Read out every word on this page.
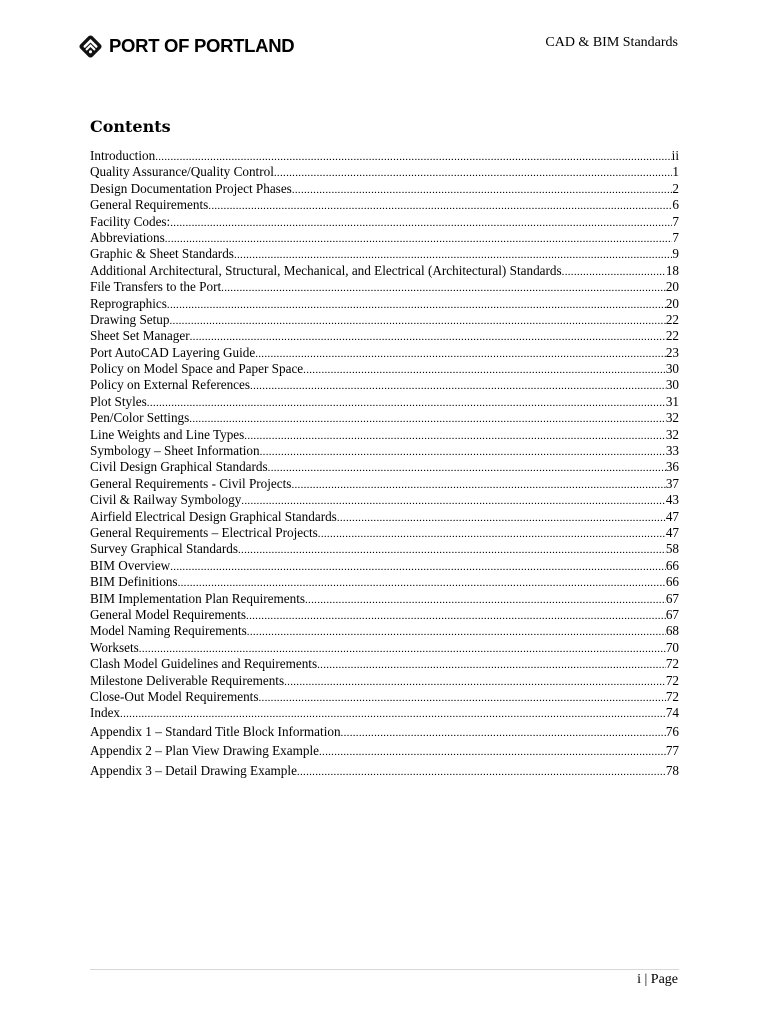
PORT OF PORTLAND	CAD & BIM Standards
Contents
Introduction .....	ii
Quality Assurance/Quality Control .....	1
Design Documentation Project Phases .....	2
General Requirements .....	6
Facility Codes: .....	7
Abbreviations .....	7
Graphic & Sheet Standards .....	9
Additional Architectural, Structural, Mechanical, and Electrical (Architectural) Standards .....	18
File Transfers to the Port .....	20
Reprographics .....	20
Drawing Setup .....	22
Sheet Set Manager .....	22
Port AutoCAD Layering Guide .....	23
Policy on Model Space and Paper Space .....	30
Policy on External References .....	30
Plot Styles .....	31
Pen/Color Settings .....	32
Line Weights and Line Types .....	32
Symbology – Sheet Information .....	33
Civil Design Graphical Standards .....	36
General Requirements - Civil Projects .....	37
Civil & Railway Symbology .....	43
Airfield Electrical Design Graphical Standards .....	47
General Requirements – Electrical Projects .....	47
Survey Graphical Standards .....	58
BIM Overview .....	66
BIM Definitions .....	66
BIM Implementation Plan Requirements .....	67
General Model Requirements .....	67
Model Naming Requirements .....	68
Worksets .....	70
Clash Model Guidelines and Requirements .....	72
Milestone Deliverable Requirements .....	72
Close-Out Model Requirements .....	72
Index .....	74
Appendix 1 – Standard Title Block Information .....	76
Appendix 2 – Plan View Drawing Example .....	77
Appendix 3 – Detail Drawing Example .....	78
i | Page
